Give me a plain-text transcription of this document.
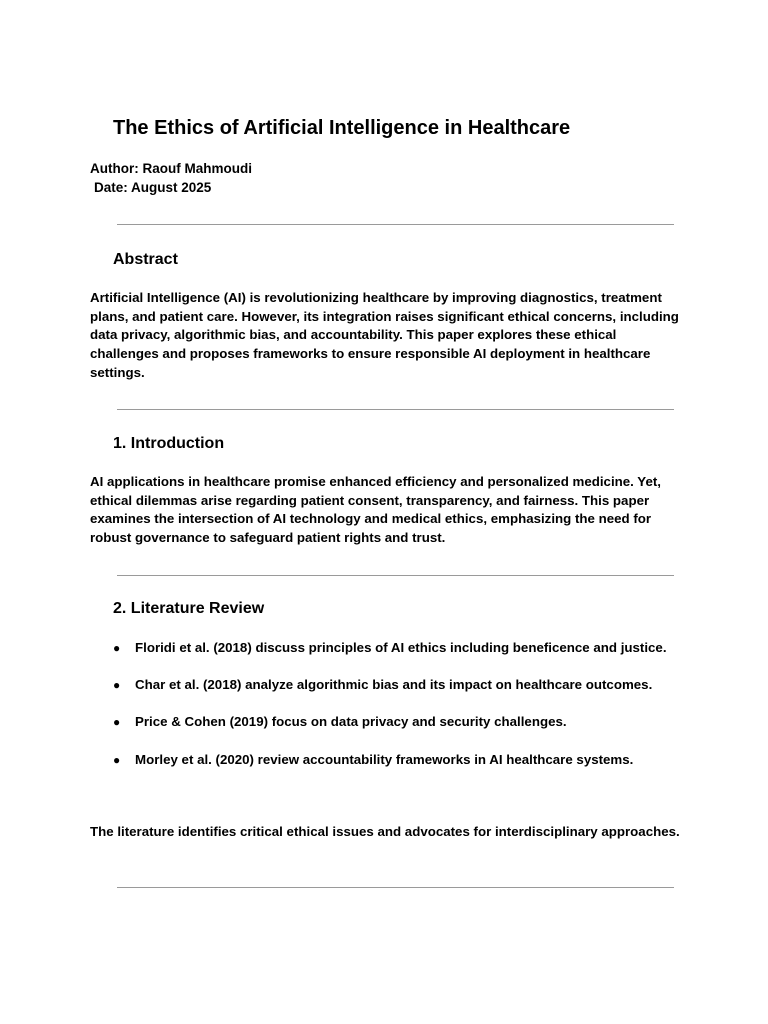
The Ethics of Artificial Intelligence in Healthcare

Author: Raouf Mahmoudi

Date: August 2025

Abstract

Artificial Intelligence (AI) is revolutionizing healthcare by improving diagnostics, treatment plans, and patient care. However, its integration raises significant ethical concerns, including data privacy, algorithmic bias, and accountability. This paper explores these ethical challenges and proposes frameworks to ensure responsible AI deployment in healthcare settings.

1. Introduction

AI applications in healthcare promise enhanced efficiency and personalized medicine. Yet, ethical dilemmas arise regarding patient consent, transparency, and fairness. This paper examines the intersection of AI technology and medical ethics, emphasizing the need for robust governance to safeguard patient rights and trust.

2. Literature Review
● Floridi et al. (2018) discuss principles of AI ethics including beneficence and justice.
● Char et al. (2018) analyze algorithmic bias and its impact on healthcare outcomes.
● Price & Cohen (2019) focus on data privacy and security challenges.
● Morley et al. (2020) review accountability frameworks in AI healthcare systems.

The literature identifies critical ethical issues and advocates for interdisciplinary approaches.
